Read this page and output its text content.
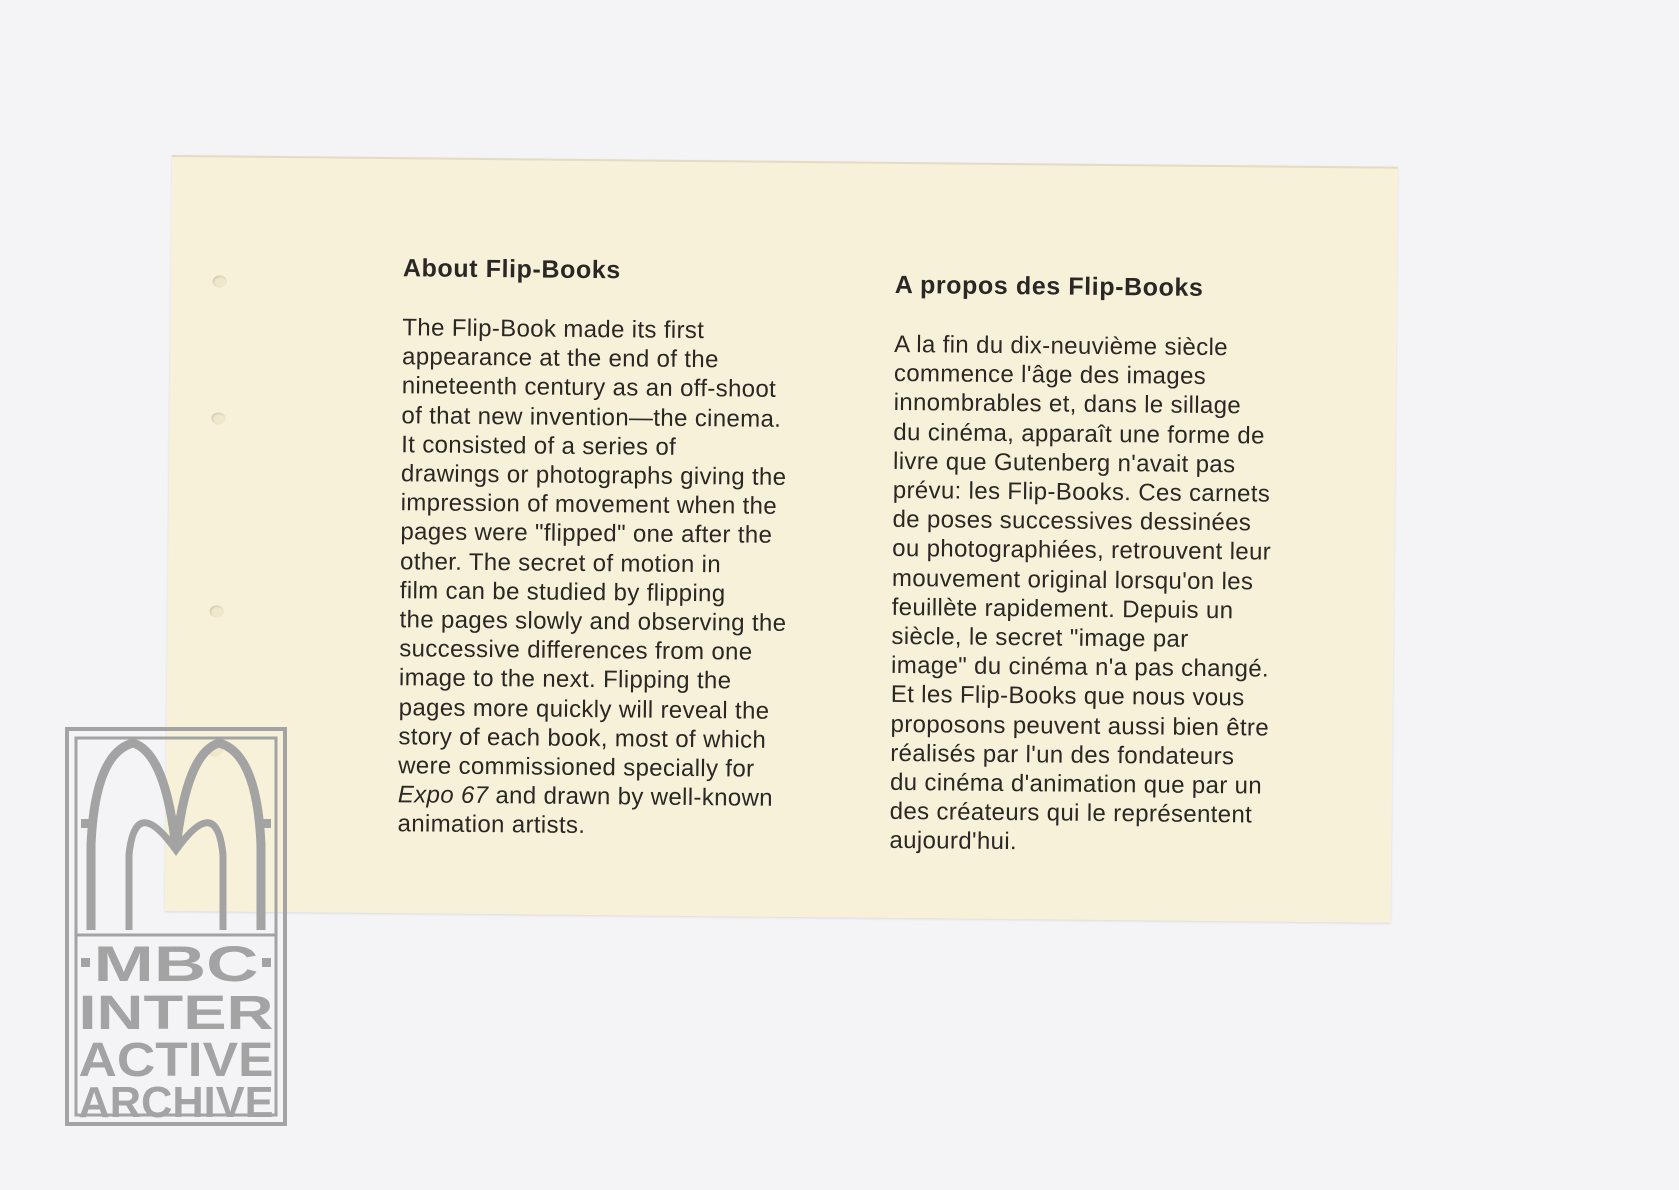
About Flip-Books

The Flip-Book made its first
appearance at the end of the
nineteenth century as an off-shoot
of that new invention—the cinema.
It consisted of a series of
drawings or photographs giving the
impression of movement when the
pages were "flipped" one after the
other. The secret of motion in
film can be studied by flipping
the pages slowly and observing the
successive differences from one
image to the next. Flipping the
pages more quickly will reveal the
story of each book, most of which
were commissioned specially for
Expo 67 and drawn by well-known
animation artists.

A propos des Flip-Books

A la fin du dix-neuvième siècle
commence l'âge des images
innombrables et, dans le sillage
du cinéma, apparaît une forme de
livre que Gutenberg n'avait pas
prévu: les Flip-Books. Ces carnets
de poses successives dessinées
ou photographiées, retrouvent leur
mouvement original lorsqu'on les
feuillète rapidement. Depuis un
siècle, le secret "image par
image" du cinéma n'a pas changé.
Et les Flip-Books que nous vous
proposons peuvent aussi bien être
réalisés par l'un des fondateurs
du cinéma d'animation que par un
des créateurs qui le représentent
aujourd'hui.

MBC
INTER
ACTIVE
ARCHIVE
